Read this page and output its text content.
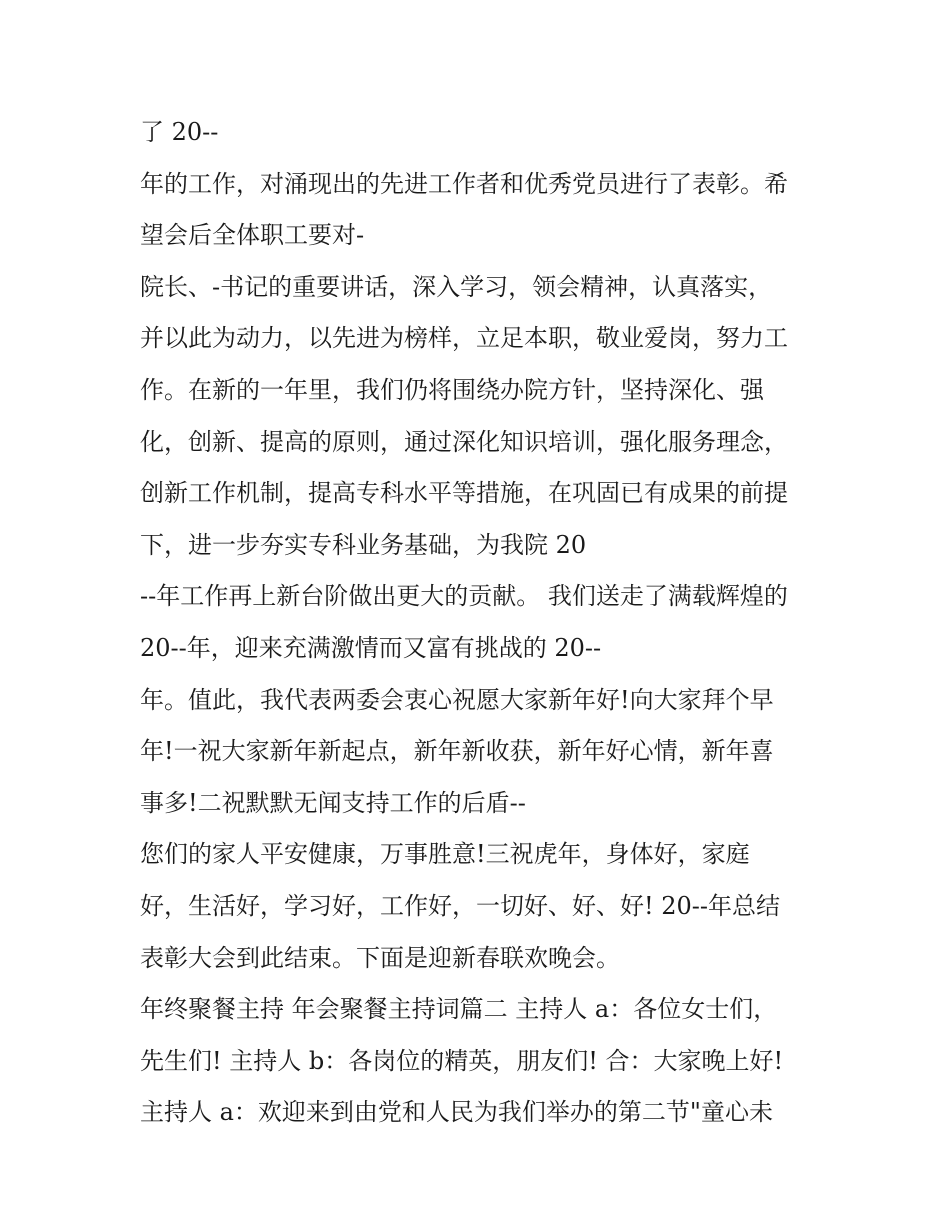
了 20--
年的工作，对涌现出的先进工作者和优秀党员进行了表彰。希
望会后全体职工要对-
院长、-书记的重要讲话，深入学习，领会精神，认真落实，
并以此为动力，以先进为榜样，立足本职，敬业爱岗，努力工
作。在新的一年里，我们仍将围绕办院方针，坚持深化、强
化，创新、提高的原则，通过深化知识培训，强化服务理念，
创新工作机制，提高专科水平等措施，在巩固已有成果的前提
下，进一步夯实专科业务基础，为我院 20
--年工作再上新台阶做出更大的贡献。 我们送走了满载辉煌的
20--年，迎来充满激情而又富有挑战的 20--
年。值此，我代表两委会衷心祝愿大家新年好!向大家拜个早
年!一祝大家新年新起点，新年新收获，新年好心情，新年喜
事多!二祝默默无闻支持工作的后盾--
您们的家人平安健康，万事胜意!三祝虎年，身体好，家庭
好，生活好，学习好，工作好，一切好、好、好! 20--年总结
表彰大会到此结束。下面是迎新春联欢晚会。
年终聚餐主持 年会聚餐主持词篇二 主持人 a：各位女士们，
先生们! 主持人 b：各岗位的精英，朋友们! 合：大家晚上好!
主持人 a：欢迎来到由党和人民为我们举办的第二节"童心未
